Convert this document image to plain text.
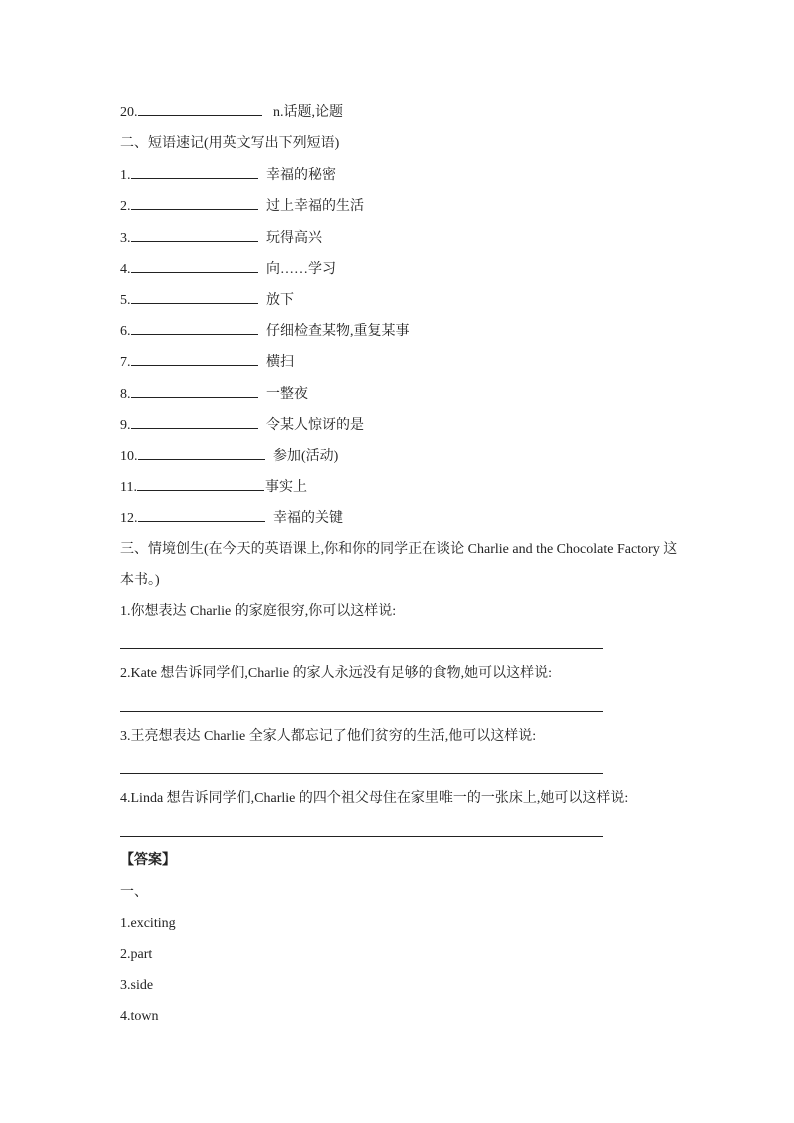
20.	n.话题,论题
二、短语速记(用英文写出下列短语)
1.	幸福的秘密
2.	过上幸福的生活
3.	玩得高兴
4.	向……学习
5.	放下
6.	仔细检查某物,重复某事
7.	横扫
8.	一整夜
9.	令某人惊讶的是
10.	参加(活动)
11.	事实上
12.	幸福的关键
三、情境创生(在今天的英语课上,你和你的同学正在谈论 Charlie and the Chocolate Factory 这本书。)
1.你想表达 Charlie 的家庭很穷,你可以这样说:
2.Kate 想告诉同学们,Charlie 的家人永远没有足够的食物,她可以这样说:
3.王亮想表达 Charlie 全家人都忘记了他们贫穷的生活,他可以这样说:
4.Linda 想告诉同学们,Charlie 的四个祖父母住在家里唯一的一张床上,她可以这样说:
【答案】
一、
1.exciting
2.part
3.side
4.town
